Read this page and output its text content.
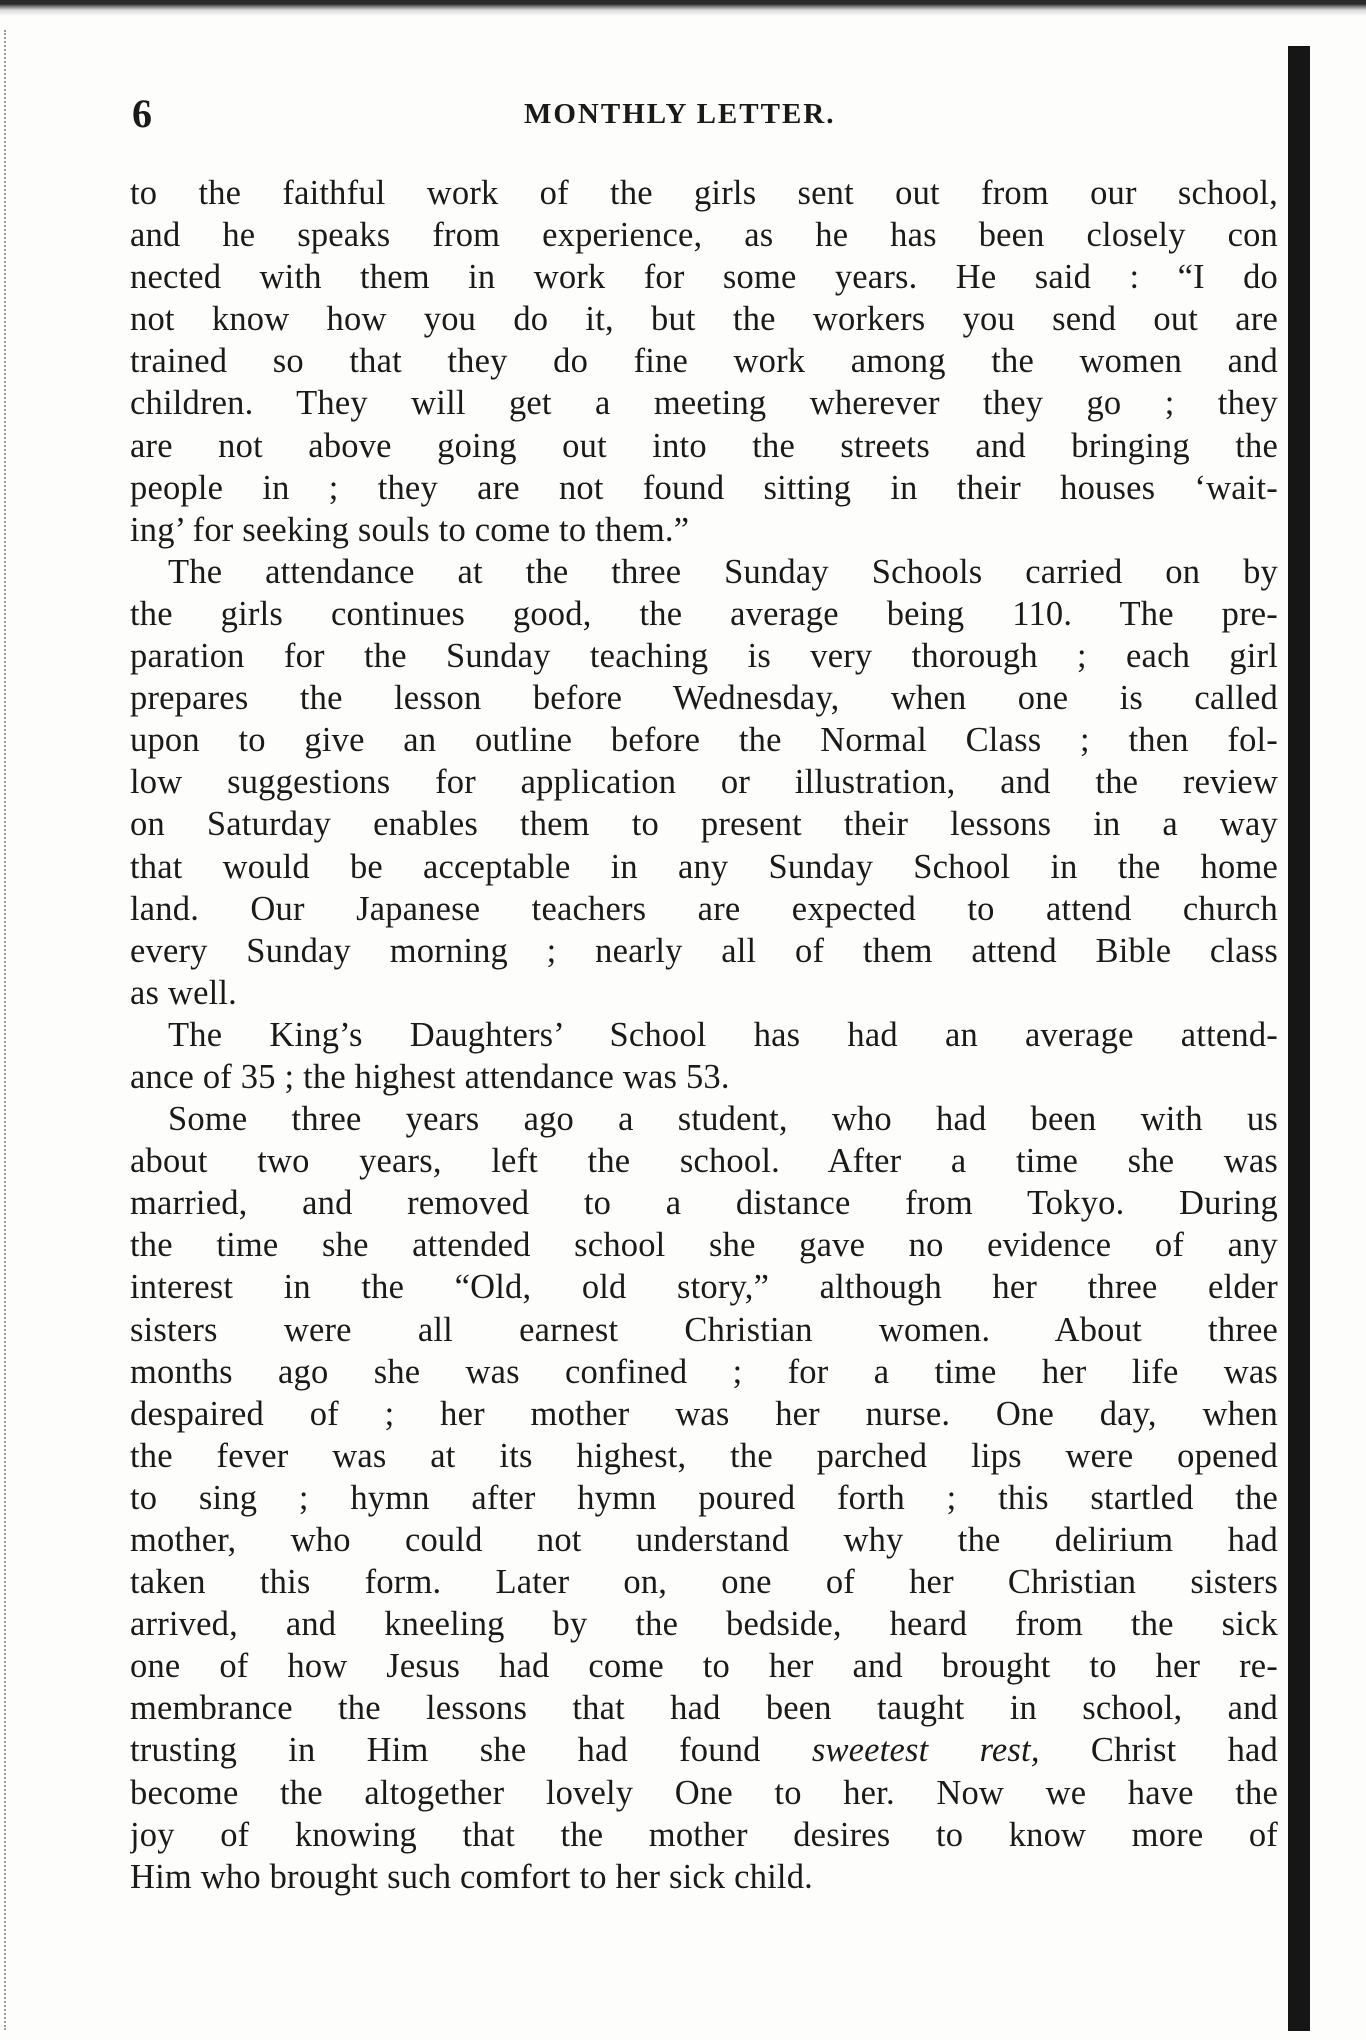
6	MONTHLY LETTER.
to the faithful work of the girls sent out from our school,
and he speaks from experience, as he has been closely con
nected with them in work for some years. He said : “I do
not know how you do it, but the workers you send out are
trained so that they do fine work among the women and
children. They will get a meeting wherever they go ; they
are not above going out into the streets and bringing the
people in ; they are not found sitting in their houses ‘wait-
ing’ for seeking souls to come to them.”
The attendance at the three Sunday Schools carried on by
the girls continues good, the average being 110. The pre-
paration for the Sunday teaching is very thorough ; each girl
prepares the lesson before Wednesday, when one is called
upon to give an outline before the Normal Class ; then fol-
low suggestions for application or illustration, and the review
on Saturday enables them to present their lessons in a way
that would be acceptable in any Sunday School in the home
land. Our Japanese teachers are expected to attend church
every Sunday morning ; nearly all of them attend Bible class
as well.
The King’s Daughters’ School has had an average attend-
ance of 35 ; the highest attendance was 53.
Some three years ago a student, who had been with us
about two years, left the school. After a time she was
married, and removed to a distance from Tokyo. During
the time she attended school she gave no evidence of any
interest in the “Old, old story,” although her three elder
sisters were all earnest Christian women. About three
months ago she was confined ; for a time her life was
despaired of ; her mother was her nurse. One day, when
the fever was at its highest, the parched lips were opened
to sing ; hymn after hymn poured forth ; this startled the
mother, who could not understand why the delirium had
taken this form. Later on, one of her Christian sisters
arrived, and kneeling by the bedside, heard from the sick
one of how Jesus had come to her and brought to her re-
membrance the lessons that had been taught in school, and
trusting in Him she had found sweetest rest, Christ had
become the altogether lovely One to her. Now we have the
joy of knowing that the mother desires to know more of
Him who brought such comfort to her sick child.
